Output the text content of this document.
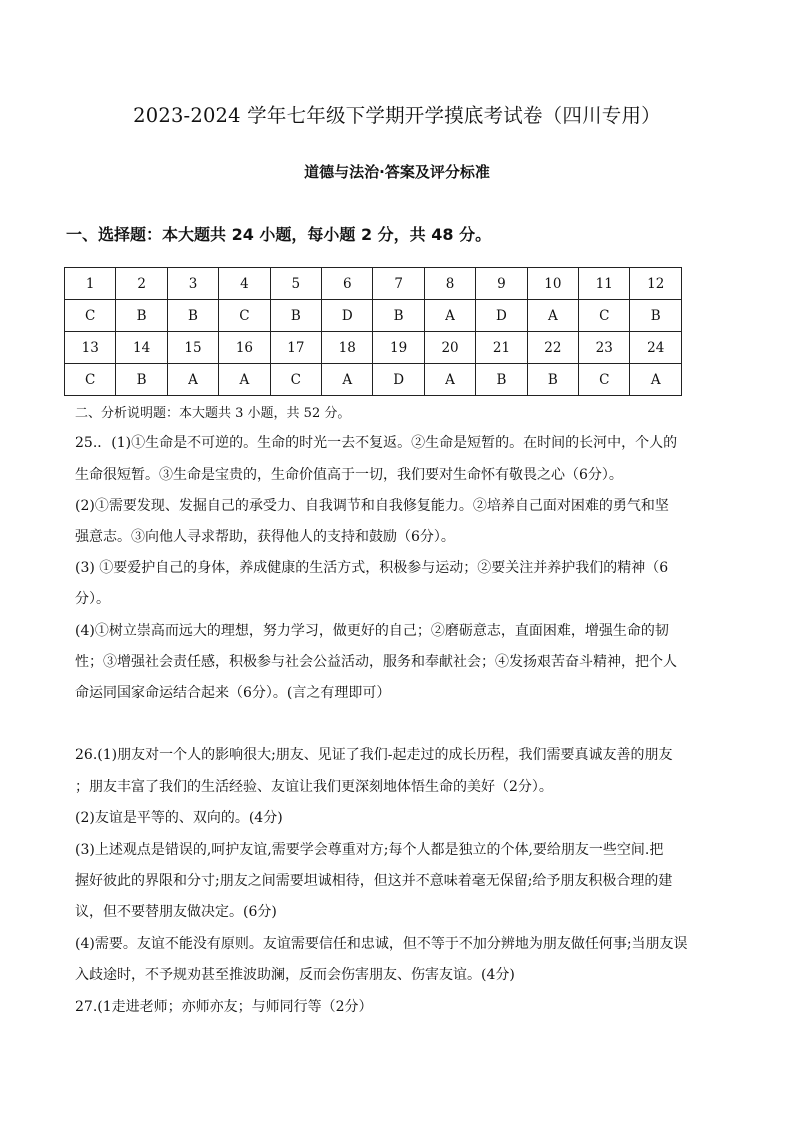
2023-2024 学年七年级下学期开学摸底考试卷（四川专用）
道德与法治·答案及评分标准
一、选择题：本大题共 24 小题，每小题 2 分，共 48 分。
1	2	3	4	5	6	7	8	9	10	11	12
C	B	B	C	B	D	B	A	D	A	C	B
13	14	15	16	17	18	19	20	21	22	23	24
C	B	A	A	C	A	D	A	B	B	C	A
二、分析说明题：本大题共 3 小题，共 52 分。
25.．(1)①生命是不可逆的。生命的时光一去不复返。②生命是短暂的。在时间的长河中，个人的
生命很短暂。③生命是宝贵的，生命价值高于一切，我们要对生命怀有敬畏之心（6分）。
(2)①需要发现、发掘自己的承受力、自我调节和自我修复能力。②培养自己面对困难的勇气和坚
强意志。③向他人寻求帮助，获得他人的支持和鼓励（6分）。
(3) ①要爱护自己的身体，养成健康的生活方式，积极参与运动；②要关注并养护我们的精神（6
分）。
(4)①树立崇高而远大的理想，努力学习，做更好的自己；②磨砺意志，直面困难，增强生命的韧
性；③增强社会责任感，积极参与社会公益活动，服务和奉献社会；④发扬艰苦奋斗精神，把个人
命运同国家命运结合起来（6分）。(言之有理即可）
26.(1)朋友对一个人的影响很大;朋友、见证了我们-起走过的成长历程，我们需要真诚友善的朋友
；朋友丰富了我们的生活经验、友谊让我们更深刻地体悟生命的美好（2分）。
(2)友谊是平等的、双向的。(4分)
(3)上述观点是错误的,呵护友谊,需要学会尊重对方;每个人都是独立的个体,要给朋友一些空间.把
握好彼此的界限和分寸;朋友之间需要坦诚相待，但这并不意味着毫无保留;给予朋友积极合理的建
议，但不要替朋友做决定。(6分)
(4)需要。友谊不能没有原则。友谊需要信任和忠诚，但不等于不加分辨地为朋友做任何事;当朋友误
入歧途时，不予规劝甚至推波助澜，反而会伤害朋友、伤害友谊。(4分)
27.(1走进老师；亦师亦友；与师同行等（2分）
